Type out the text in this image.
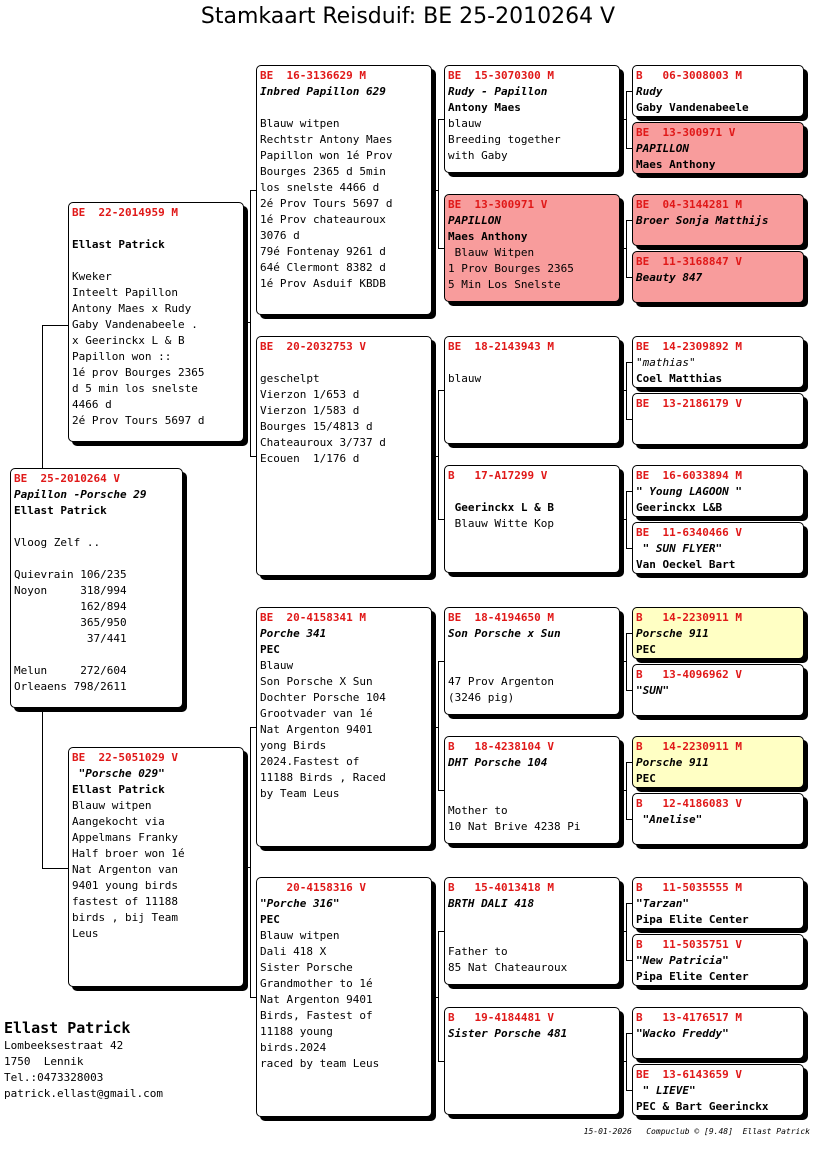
Stamkaart Reisduif: BE 25-2010264 V
BE  25-2010264 V
Papillon -Porsche 29
Ellast Patrick
Vloog Zelf ..
Quievrain 106/235
Noyon     318/994
162/894
365/950
37/441
Melun     272/604
Orleaens 798/2611
BE  22-2014959 M
Ellast Patrick
Kweker
Inteelt Papillon
Antony Maes x Rudy
Gaby Vandenabeele .
x Geerinckx L & B
Papillon won ::
1é prov Bourges 2365
d 5 min los snelste
4466 d
2é Prov Tours 5697 d
BE  22-5051029 V
"Porsche 029"
Ellast Patrick
Blauw witpen
Aangekocht via
Appelmans Franky
Half broer won 1é
Nat Argenton van
9401 young birds
fastest of 11188
birds , bij Team
Leus
BE  16-3136629 M
Inbred Papillon 629
Blauw witpen
Rechtstr Antony Maes
Papillon won 1é Prov
Bourges 2365 d 5min
los snelste 4466 d
2é Prov Tours 5697 d
1é Prov chateauroux
3076 d
79é Fontenay 9261 d
64é Clermont 8382 d
1é Prov Asduif KBDB
BE  20-2032753 V
geschelpt
Vierzon 1/653 d
Vierzon 1/583 d
Bourges 15/4813 d
Chateauroux 3/737 d
Ecouen  1/176 d
BE  20-4158341 M
Porche 341
PEC
Blauw
Son Porsche X Sun
Dochter Porsche 104
Grootvader van 1é
Nat Argenton 9401
yong Birds
2024.Fastest of
11188 Birds , Raced
by Team Leus
20-4158316 V
"Porche 316"
PEC
Blauw witpen
Dali 418 X
Sister Porsche
Grandmother to 1é
Nat Argenton 9401
Birds, Fastest of
11188 young
birds.2024
raced by team Leus
BE  15-3070300 M
Rudy - Papillon
Antony Maes
blauw
Breeding together
with Gaby
BE  13-300971 V
PAPILLON
Maes Anthony
Blauw Witpen
1 Prov Bourges 2365
5 Min Los Snelste
BE  18-2143943 M
blauw
B   17-A17299 V
Geerinckx L & B
Blauw Witte Kop
BE  18-4194650 M
Son Porsche x Sun
47 Prov Argenton
(3246 pig)
B   18-4238104 V
DHT Porsche 104
Mother to
10 Nat Brive 4238 Pi
B   15-4013418 M
BRTH DALI 418
Father to
85 Nat Chateauroux
B   19-4184481 V
Sister Porsche 481
B   06-3008003 M
Rudy
Gaby Vandenabeele
BE  13-300971 V
PAPILLON
Maes Anthony
BE  04-3144281 M
Broer Sonja Matthijs
BE  11-3168847 V
Beauty 847
BE  14-2309892 M
"mathias"
Coel Matthias
BE  13-2186179 V
BE  16-6033894 M
" Young LAGOON "
Geerinckx L&B
BE  11-6340466 V
" SUN FLYER"
Van Oeckel Bart
B   14-2230911 M
Porsche 911
PEC
B   13-4096962 V
"SUN"
B   14-2230911 M
Porsche 911
PEC
B   12-4186083 V
"Anelise"
B   11-5035555 M
"Tarzan"
Pipa Elite Center
B   11-5035751 V
"New Patricia"
Pipa Elite Center
B   13-4176517 M
"Wacko Freddy"
BE  13-6143659 V
" LIEVE"
PEC & Bart Geerinckx
Ellast Patrick
Lombeeksestraat 42
1750  Lennik
Tel.:0473328003
patrick.ellast@gmail.com
15-01-2026   Compuclub © [9.48]  Ellast Patrick
